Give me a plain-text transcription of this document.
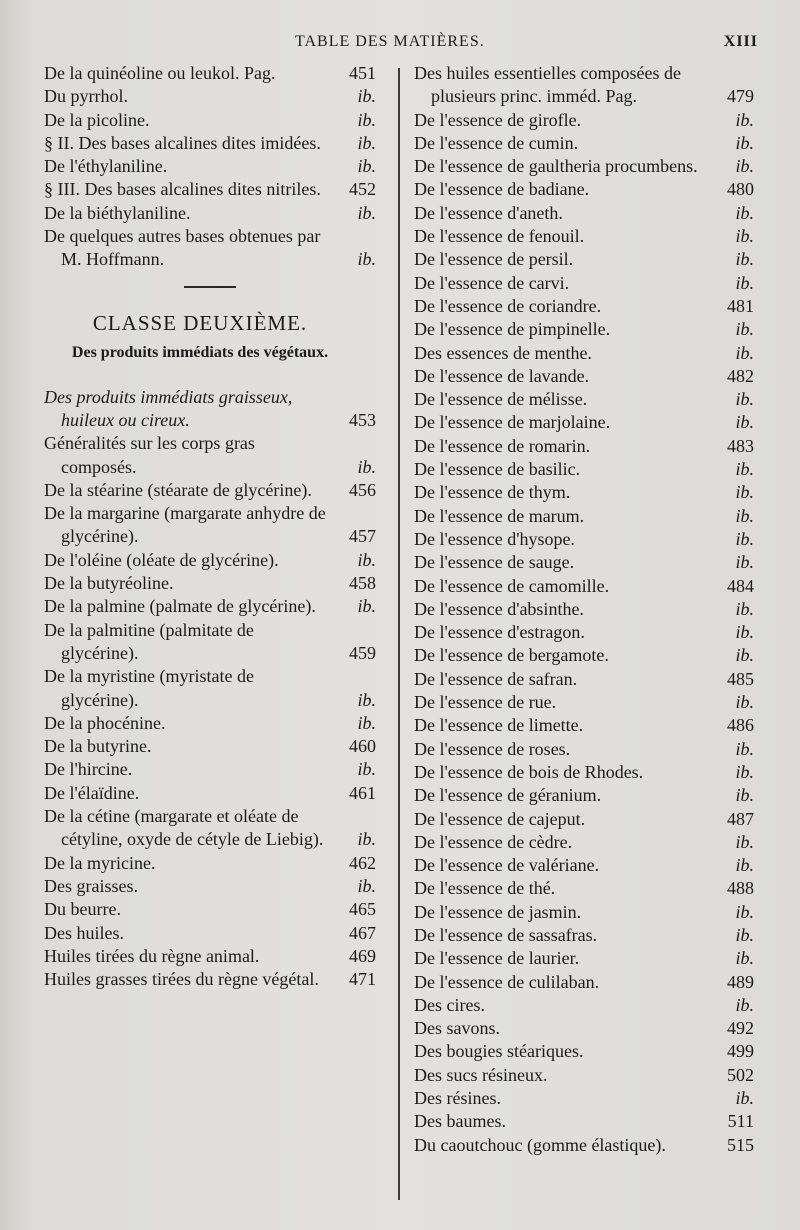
TABLE DES MATIÈRES.	XIII
De la quinéoline ou leukol. Pag.	451
Du pyrrhol.	ib.
De la picoline.	ib.
§ II. Des bases alcalines dites imidées.	ib.
De l'éthylaniline.	ib.
§ III. Des bases alcalines dites nitriles.	452
De la biéthylaniline.	ib.
De quelques autres bases obtenues par M. Hoffmann.	ib.
CLASSE DEUXIÈME.
Des produits immédiats des végétaux.
Des produits immédiats graisseux, huileux ou cireux.	453
Généralités sur les corps gras composés.	ib.
De la stéarine (stéarate de glycérine).	456
De la margarine (margarate anhydre de glycérine).	457
De l'oléine (oléate de glycérine).	ib.
De la butyréoline.	458
De la palmine (palmate de glycérine).	ib.
De la palmitine (palmitate de glycérine).	459
De la myristine (myristate de glycérine).	ib.
De la phocénine.	ib.
De la butyrine.	460
De l'hircine.	ib.
De l'élaïdine.	461
De la cétine (margarate et oléate de cétyline, oxyde de cétyle de Liebig).	ib.
De la myricine.	462
Des graisses.	ib.
Du beurre.	465
Des huiles.	467
Huiles tirées du règne animal.	469
Huiles grasses tirées du règne végétal.	471
Des huiles essentielles composées de plusieurs princ. imméd. Pag.	479
De l'essence de girofle.	ib.
De l'essence de cumin.	ib.
De l'essence de gaultheria procumbens.	ib.
De l'essence de badiane.	480
De l'essence d'aneth.	ib.
De l'essence de fenouil.	ib.
De l'essence de persil.	ib.
De l'essence de carvi.	ib.
De l'essence de coriandre.	481
De l'essence de pimpinelle.	ib.
Des essences de menthe.	ib.
De l'essence de lavande.	482
De l'essence de mélisse.	ib.
De l'essence de marjolaine.	ib.
De l'essence de romarin.	483
De l'essence de basilic.	ib.
De l'essence de thym.	ib.
De l'essence de marum.	ib.
De l'essence d'hysope.	ib.
De l'essence de sauge.	ib.
De l'essence de camomille.	484
De l'essence d'absinthe.	ib.
De l'essence d'estragon.	ib.
De l'essence de bergamote.	ib.
De l'essence de safran.	485
De l'essence de rue.	ib.
De l'essence de limette.	486
De l'essence de roses.	ib.
De l'essence de bois de Rhodes.	ib.
De l'essence de géranium.	ib.
De l'essence de cajeput.	487
De l'essence de cèdre.	ib.
De l'essence de valériane.	ib.
De l'essence de thé.	488
De l'essence de jasmin.	ib.
De l'essence de sassafras.	ib.
De l'essence de laurier.	ib.
De l'essence de culilaban.	489
Des cires.	ib.
Des savons.	492
Des bougies stéariques.	499
Des sucs résineux.	502
Des résines.	ib.
Des baumes.	511
Du caoutchouc (gomme élastique).	515
